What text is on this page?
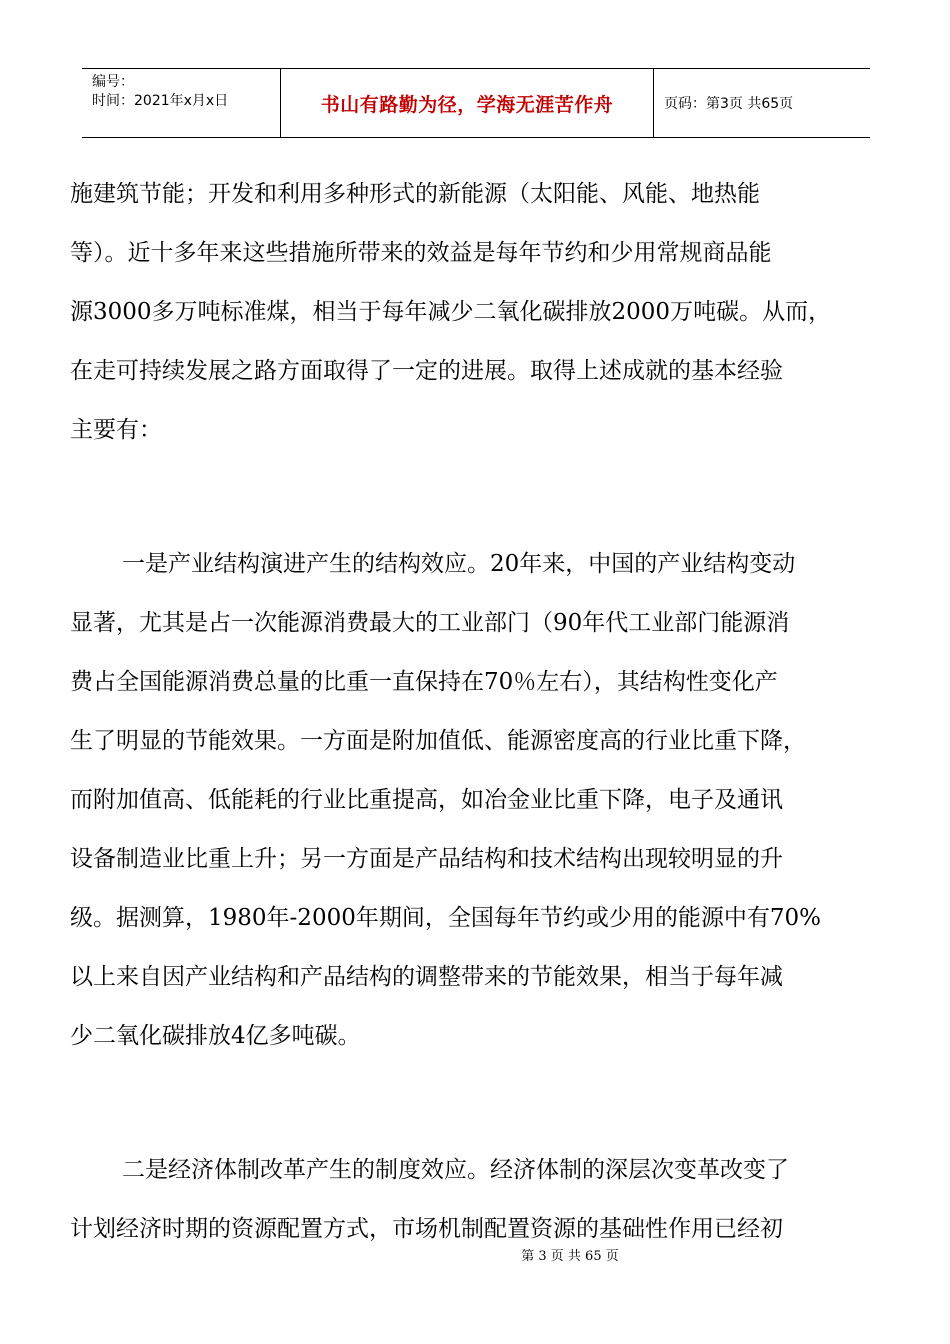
编号：
时间：2021年x月x日	书山有路勤为径，学海无涯苦作舟	页码：第3页 共65页
施建筑节能；开发和利用多种形式的新能源（太阳能、风能、地热能
等）。近十多年来这些措施所带来的效益是每年节约和少用常规商品能
源3000多万吨标准煤，相当于每年减少二氧化碳排放2000万吨碳。从而，
在走可持续发展之路方面取得了一定的进展。取得上述成就的基本经验
主要有：
一是产业结构演进产生的结构效应。20年来，中国的产业结构变动
显著，尤其是占一次能源消费最大的工业部门（90年代工业部门能源消
费占全国能源消费总量的比重一直保持在70％左右），其结构性变化产
生了明显的节能效果。一方面是附加值低、能源密度高的行业比重下降，
而附加值高、低能耗的行业比重提高，如冶金业比重下降，电子及通讯
设备制造业比重上升；另一方面是产品结构和技术结构出现较明显的升
级。据测算，1980年-2000年期间，全国每年节约或少用的能源中有70%
以上来自因产业结构和产品结构的调整带来的节能效果，相当于每年减
少二氧化碳排放4亿多吨碳。
二是经济体制改革产生的制度效应。经济体制的深层次变革改变了
计划经济时期的资源配置方式，市场机制配置资源的基础性作用已经初
第 3 页 共 65 页
